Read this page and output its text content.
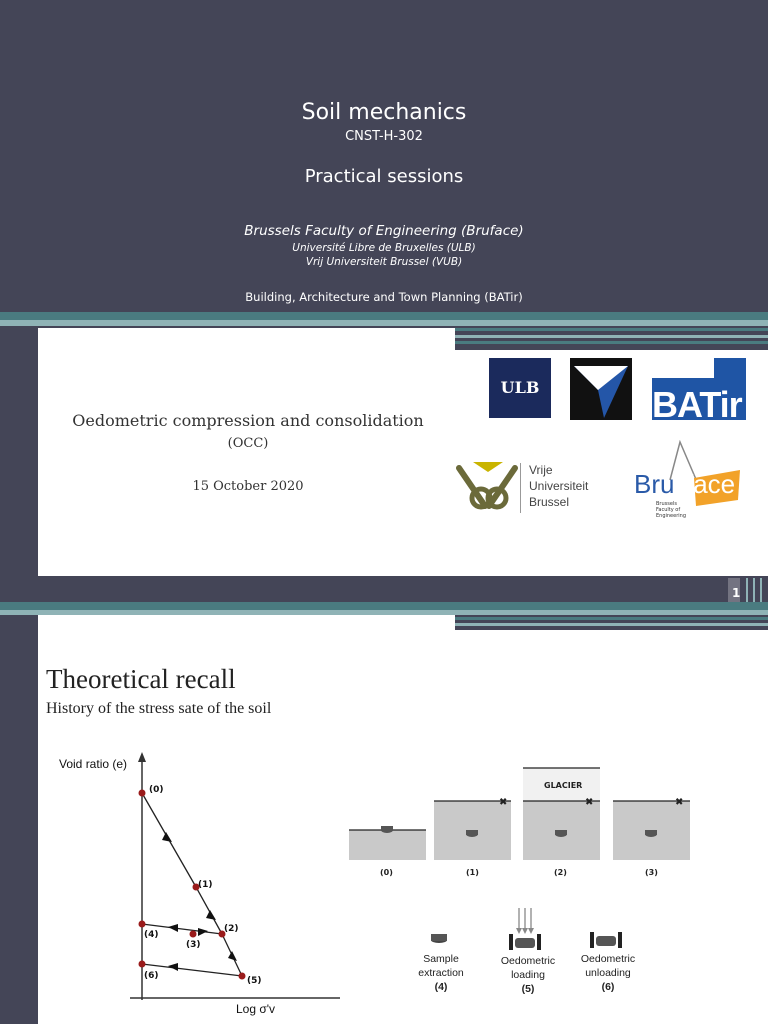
Soil mechanics
CNST-H-302
Practical sessions
Brussels Faculty of Engineering (Bruface)
Université Libre de Bruxelles (ULB)
Vrij Universiteit Brussel (VUB)
Building, Architecture and Town Planning (BATir)
Oedometric compression and consolidation
(OCC)
15 October 2020
ULB	BATir
Vrije
Universiteit
Brussel
Bru face
Brussels
Faculty of
Engineering
1
Theoretical recall
History of the stress sate of the soil
Void ratio (e)
Log σ'v
(0)
(1)
(2)
(3)
(4)
(5)
(6)
✖	✖	✖
GLACIER
(0)	(1)	(2)	(3)
Sample
extraction
(4)
Oedometric
loading
(5)
Oedometric
unloading
(6)
